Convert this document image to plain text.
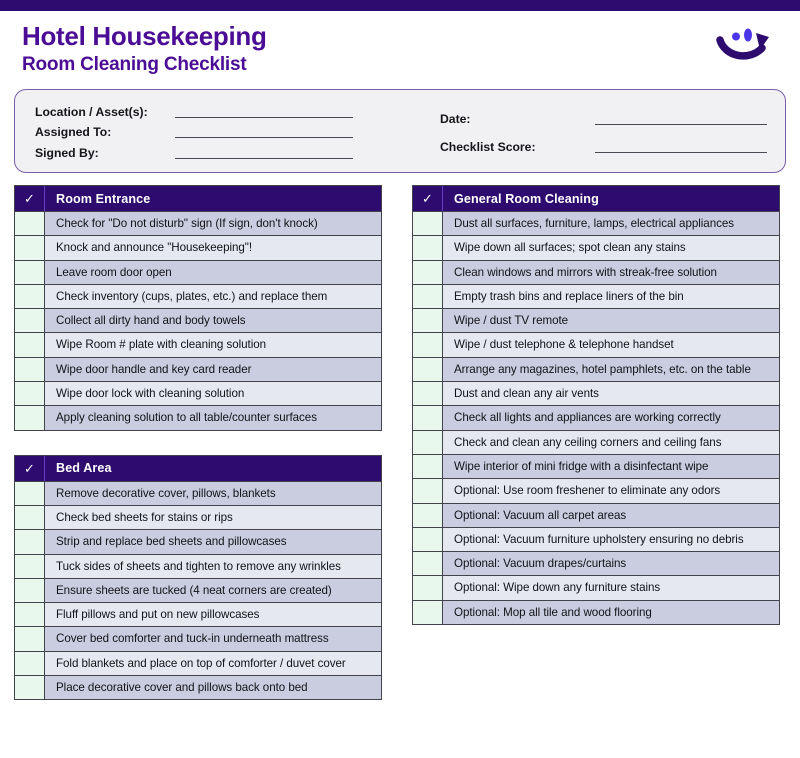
Hotel Housekeeping
Room Cleaning Checklist
Location / Asset(s):
Assigned To:
Signed By:
Date:
Checklist Score:
✓	Room Entrance
Check for "Do not disturb" sign (If sign, don't knock)
Knock and announce "Housekeeping"!
Leave room door open
Check inventory (cups, plates, etc.) and replace them
Collect all dirty hand and body towels
Wipe Room # plate with cleaning solution
Wipe door handle and key card reader
Wipe door lock with cleaning solution
Apply cleaning solution to all table/counter surfaces
✓	Bed Area
Remove decorative cover, pillows, blankets
Check bed sheets for stains or rips
Strip and replace bed sheets and pillowcases
Tuck sides of sheets and tighten to remove any wrinkles
Ensure sheets are tucked (4 neat corners are created)
Fluff pillows and put on new pillowcases
Cover bed comforter and tuck-in underneath mattress
Fold blankets and place on top of comforter / duvet cover
Place decorative cover and pillows back onto bed
✓	General Room Cleaning
Dust all surfaces, furniture, lamps, electrical appliances
Wipe down all surfaces; spot clean any stains
Clean windows and mirrors with streak-free solution
Empty trash bins and replace liners of the bin
Wipe / dust TV remote
Wipe / dust telephone & telephone handset
Arrange any magazines, hotel pamphlets, etc. on the table
Dust and clean any air vents
Check all lights and appliances are working correctly
Check and clean any ceiling corners and ceiling fans
Wipe interior of mini fridge with a disinfectant wipe
Optional: Use room freshener to eliminate any odors
Optional: Vacuum all carpet areas
Optional: Vacuum furniture upholstery ensuring no debris
Optional: Vacuum drapes/curtains
Optional: Wipe down any furniture stains
Optional: Mop all tile and wood flooring
